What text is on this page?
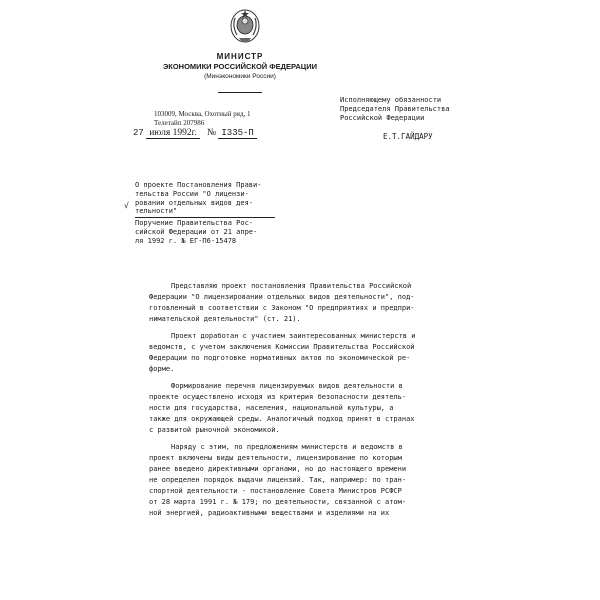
МИНИСТР
ЭКОНОМИКИ РОССИЙСКОЙ ФЕДЕРАЦИИ
(Минэкономики России)
103009, Москва, Охотный ряд, 1
Телетайп 207986
27 июля 1992г. № I335-П
Исполняющему обязанности
Председателя Правительства
Российской Федерации
Е.Т.ГАЙДАРУ
√
О проекте Постановления Прави-
тельства России "О лицензи-
ровании отдельных видов дея-
тельности"
Поручение Правительства Рос-
сийской Федерации от 21 апре-
ля 1992 г. № ЕГ-П6-15478
Представляю проект постановления Правительства Российской
Федерации "О лицензировании отдельных видов деятельности", под-
готовленный в соответствии с Законом "О предприятиях и предпри-
нимательской деятельности" (ст. 21).
Проект доработан с участием заинтересованных министерств и
ведомств, с учетом заключения Комиссии Правительства Российской
Федерации по подготовке нормативных актов по экономической ре-
форме.
Формирование перечня лицензируемых видов деятельности в
проекте осуществлено исходя из критерия безопасности деятель-
ности для государства, населения, национальной культуры, а
также для окружающей среды. Аналогичный подход принят в странах
с развитой рыночной экономикой.
Наряду с этим, по предложениям министерств и ведомств в
проект включены виды деятельности, лицензирование по которым
ранее введено директивными органами, но до настоящего времени
не определен порядок выдачи лицензий. Так, например: по тран-
спортной деятельности - постановление Совета Министров РСФСР
от 28 марта 1991 г. № 179; по деятельности, связанной с атом-
ной энергией, радиоактивными веществами и изделиями на их
